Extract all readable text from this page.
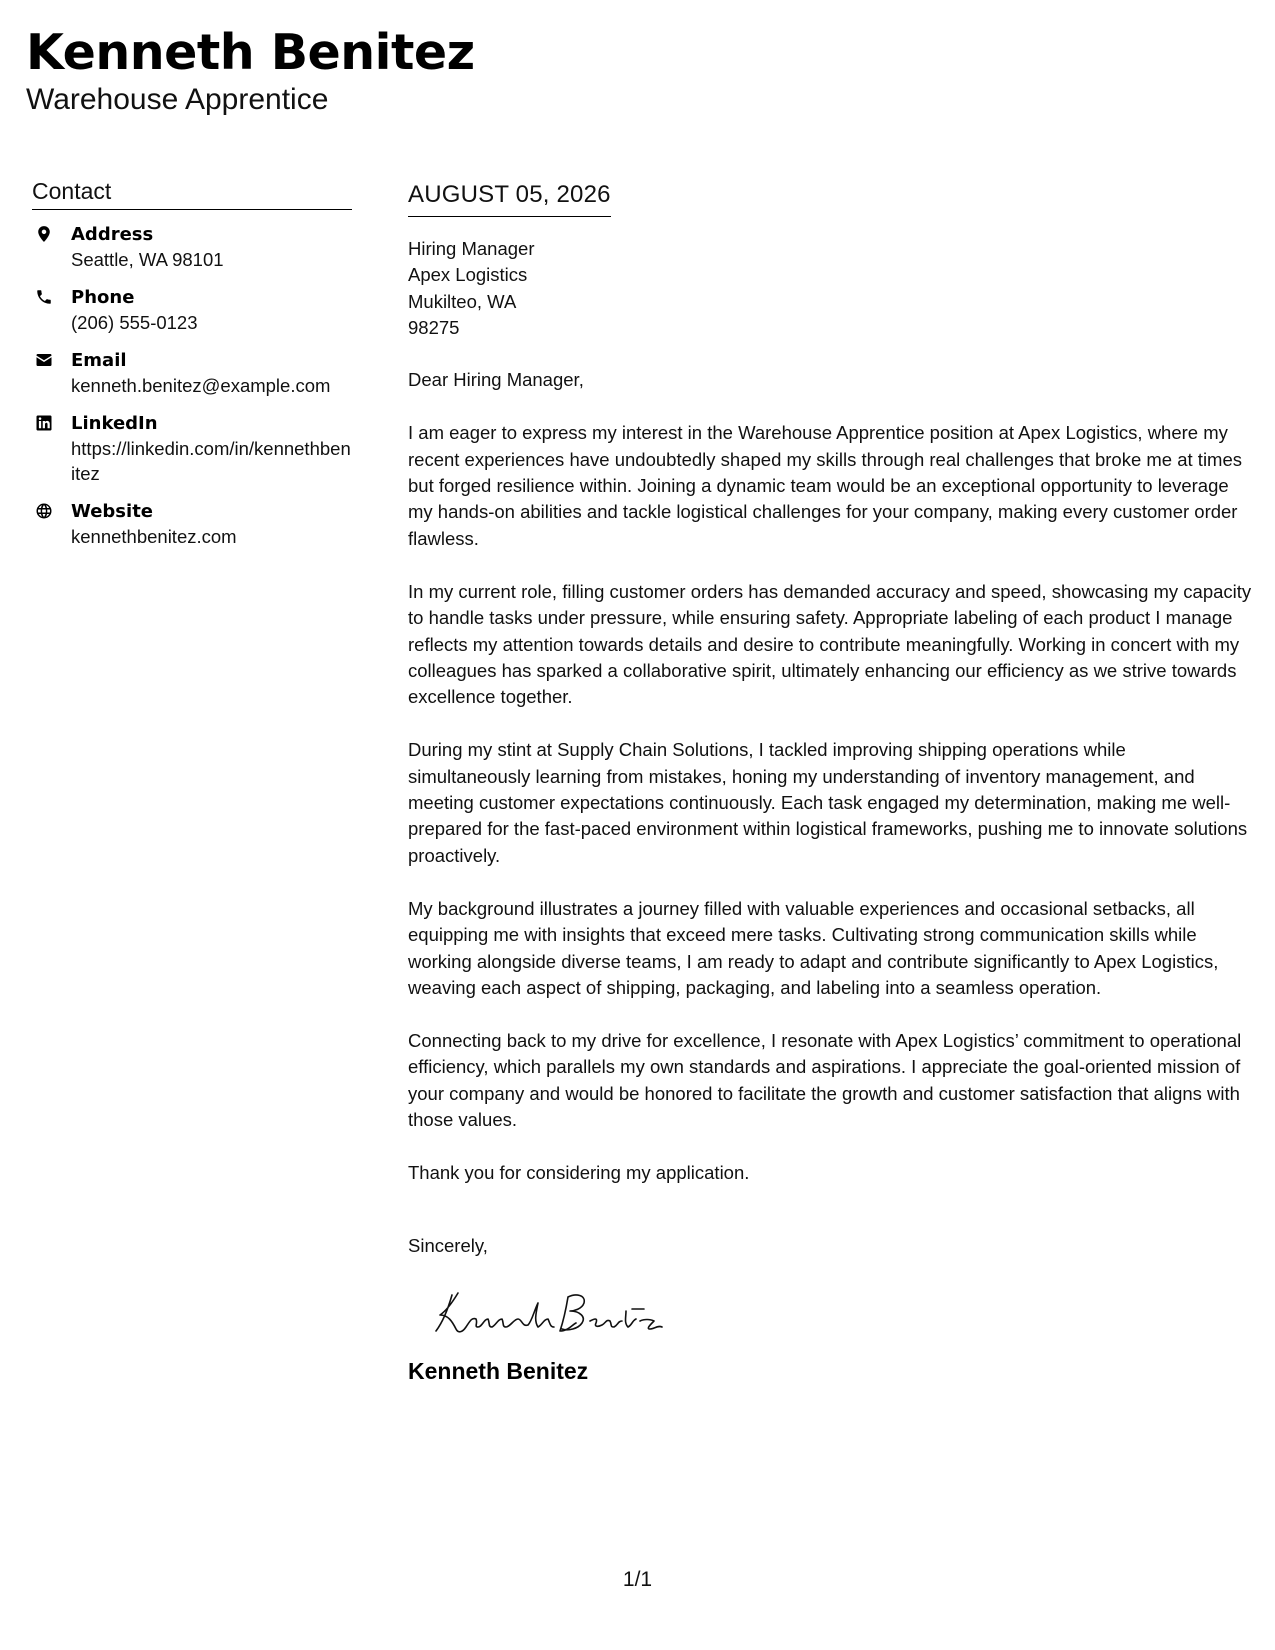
Kenneth Benitez
Warehouse Apprentice
Contact
Address
Seattle, WA 98101
Phone
(206) 555-0123
Email
kenneth.benitez@example.com
LinkedIn
https://linkedin.com/in/kennethbenitez
Website
kennethbenitez.com
AUGUST 05, 2026
Hiring Manager
Apex Logistics
Mukilteo, WA
98275
Dear Hiring Manager,

I am eager to express my interest in the Warehouse Apprentice position at Apex Logistics, where my recent experiences have undoubtedly shaped my skills through real challenges that broke me at times but forged resilience within. Joining a dynamic team would be an exceptional opportunity to leverage my hands-on abilities and tackle logistical challenges for your company, making every customer order flawless.

In my current role, filling customer orders has demanded accuracy and speed, showcasing my capacity to handle tasks under pressure, while ensuring safety. Appropriate labeling of each product I manage reflects my attention towards details and desire to contribute meaningfully. Working in concert with my colleagues has sparked a collaborative spirit, ultimately enhancing our efficiency as we strive towards excellence together.

During my stint at Supply Chain Solutions, I tackled improving shipping operations while simultaneously learning from mistakes, honing my understanding of inventory management, and meeting customer expectations continuously. Each task engaged my determination, making me well-prepared for the fast-paced environment within logistical frameworks, pushing me to innovate solutions proactively.

My background illustrates a journey filled with valuable experiences and occasional setbacks, all equipping me with insights that exceed mere tasks. Cultivating strong communication skills while working alongside diverse teams, I am ready to adapt and contribute significantly to Apex Logistics, weaving each aspect of shipping, packaging, and labeling into a seamless operation.

Connecting back to my drive for excellence, I resonate with Apex Logistics’ commitment to operational efficiency, which parallels my own standards and aspirations. I appreciate the goal-oriented mission of your company and would be honored to facilitate the growth and customer satisfaction that aligns with those values.

Thank you for considering my application.

Sincerely,
Kenneth Benitez
1/1
